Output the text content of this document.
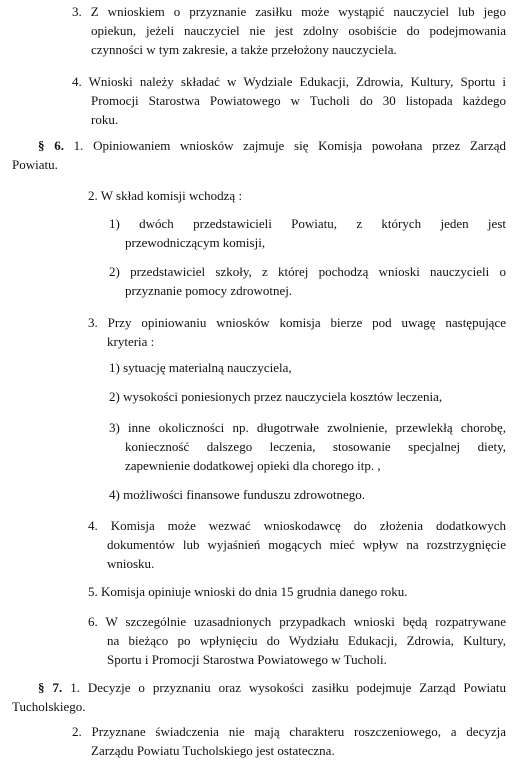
3. Z wnioskiem o przyznanie zasiłku może wystąpić nauczyciel lub jego
opiekun, jeżeli nauczyciel nie jest zdolny osobiście do podejmowania
czynności w tym zakresie, a także przełożony nauczyciela.
4. Wnioski należy składać w Wydziale Edukacji, Zdrowia, Kultury, Sportu i
Promocji Starostwa Powiatowego w Tucholi do 30 listopada każdego
roku.
§ 6. 1. Opiniowaniem wniosków zajmuje się Komisja powołana przez Zarząd
Powiatu.
2. W skład komisji wchodzą :
1) dwóch przedstawicieli Powiatu, z których jeden jest
przewodniczącym komisji,
2) przedstawiciel szkoły, z której pochodzą wnioski nauczycieli o
przyznanie pomocy zdrowotnej.
3. Przy opiniowaniu wniosków komisja bierze pod uwagę następujące
kryteria :
1) sytuację materialną nauczyciela,
2) wysokości poniesionych przez nauczyciela kosztów leczenia,
3) inne okoliczności np. długotrwałe zwolnienie, przewlekłą chorobę,
konieczność dalszego leczenia, stosowanie specjalnej diety,
zapewnienie dodatkowej opieki dla chorego itp. ,
4) możliwości finansowe funduszu zdrowotnego.
4. Komisja może wezwać wnioskodawcę do złożenia dodatkowych
dokumentów lub wyjaśnień mogących mieć wpływ na rozstrzygnięcie
wniosku.
5. Komisja opiniuje wnioski do dnia 15 grudnia danego roku.
6. W szczególnie uzasadnionych przypadkach wnioski będą rozpatrywane
na bieżąco po wpłynięciu do Wydziału Edukacji, Zdrowia, Kultury,
Sportu i Promocji Starostwa Powiatowego w Tucholi.
§ 7. 1. Decyzje o przyznaniu oraz wysokości zasiłku podejmuje Zarząd Powiatu
Tucholskiego.
2. Przyznane świadczenia nie mają charakteru roszczeniowego, a decyzja
Zarządu Powiatu Tucholskiego jest ostateczna.
